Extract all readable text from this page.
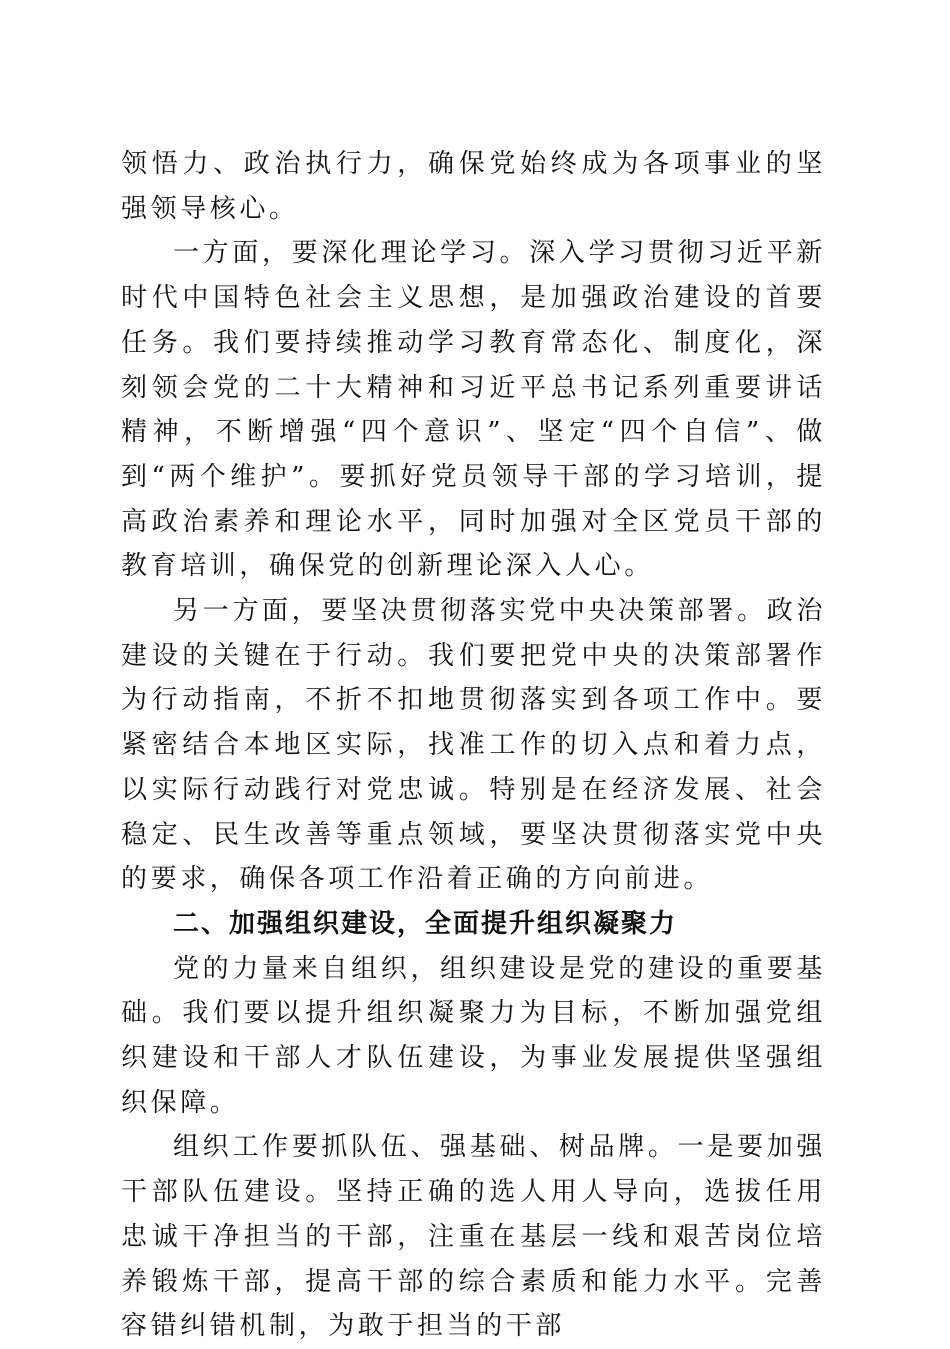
领悟力、政治执行力，确保党始终成为各项事业的坚强领导核心。

一方面，要深化理论学习。深入学习贯彻习近平新时代中国特色社会主义思想，是加强政治建设的首要任务。我们要持续推动学习教育常态化、制度化，深刻领会党的二十大精神和习近平总书记系列重要讲话精神，不断增强“四个意识”、坚定“四个自信”、做到“两个维护”。要抓好党员领导干部的学习培训，提高政治素养和理论水平，同时加强对全区党员干部的教育培训，确保党的创新理论深入人心。

另一方面，要坚决贯彻落实党中央决策部署。政治建设的关键在于行动。我们要把党中央的决策部署作为行动指南，不折不扣地贯彻落实到各项工作中。要紧密结合本地区实际，找准工作的切入点和着力点，以实际行动践行对党忠诚。特别是在经济发展、社会稳定、民生改善等重点领域，要坚决贯彻落实党中央的要求，确保各项工作沿着正确的方向前进。

二、加强组织建设，全面提升组织凝聚力

党的力量来自组织，组织建设是党的建设的重要基础。我们要以提升组织凝聚力为目标，不断加强党组织建设和干部人才队伍建设，为事业发展提供坚强组织保障。

组织工作要抓队伍、强基础、树品牌。一是要加强干部队伍建设。坚持正确的选人用人导向，选拔任用忠诚干净担当的干部，注重在基层一线和艰苦岗位培养锻炼干部，提高干部的综合素质和能力水平。完善容错纠错机制，为敢于担当的干部
